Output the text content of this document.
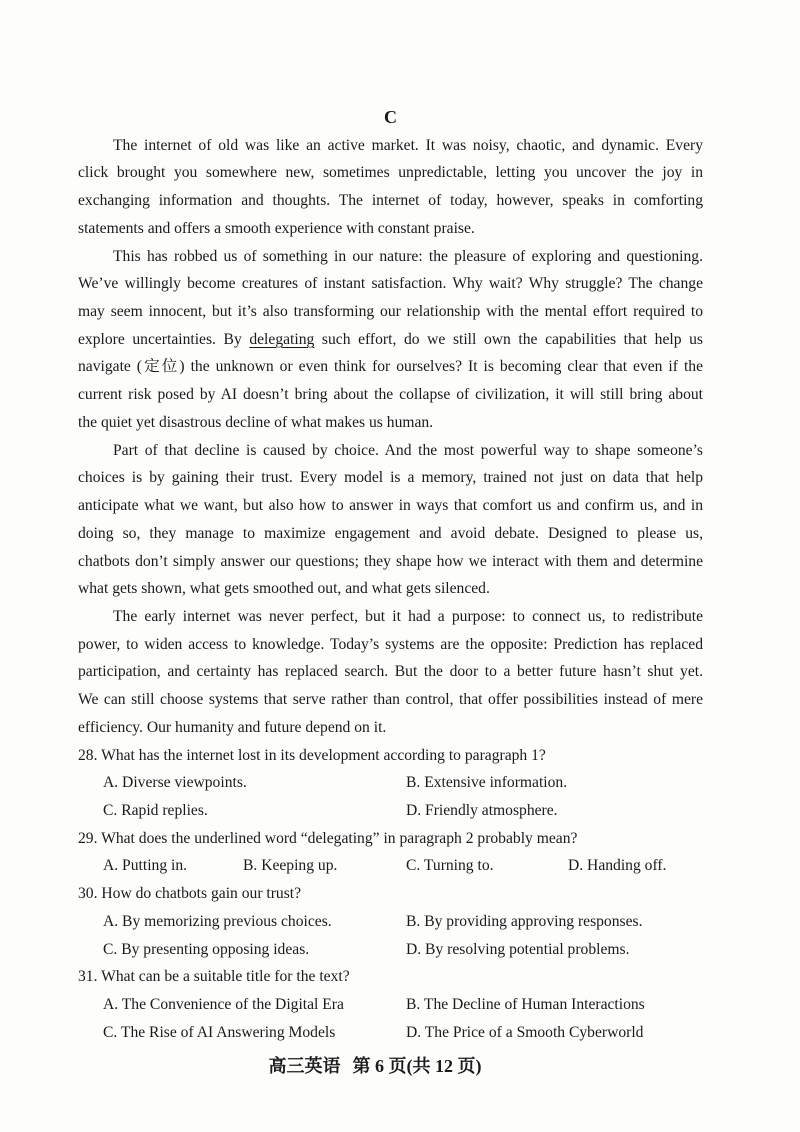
C
The internet of old was like an active market. It was noisy, chaotic, and dynamic. Every
click brought you somewhere new, sometimes unpredictable, letting you uncover the joy in
exchanging information and thoughts. The internet of today, however, speaks in comforting
statements and offers a smooth experience with constant praise.
This has robbed us of something in our nature: the pleasure of exploring and questioning.
We’ve willingly become creatures of instant satisfaction. Why wait? Why struggle? The change
may seem innocent, but it’s also transforming our relationship with the mental effort required to
explore uncertainties. By delegating such effort, do we still own the capabilities that help us
navigate (定位) the unknown or even think for ourselves? It is becoming clear that even if the
current risk posed by AI doesn’t bring about the collapse of civilization, it will still bring about
the quiet yet disastrous decline of what makes us human.
Part of that decline is caused by choice. And the most powerful way to shape someone’s
choices is by gaining their trust. Every model is a memory, trained not just on data that help
anticipate what we want, but also how to answer in ways that comfort us and confirm us, and in
doing so, they manage to maximize engagement and avoid debate. Designed to please us,
chatbots don’t simply answer our questions; they shape how we interact with them and determine
what gets shown, what gets smoothed out, and what gets silenced.
The early internet was never perfect, but it had a purpose: to connect us, to redistribute
power, to widen access to knowledge. Today’s systems are the opposite: Prediction has replaced
participation, and certainty has replaced search. But the door to a better future hasn’t shut yet.
We can still choose systems that serve rather than control, that offer possibilities instead of mere
efficiency. Our humanity and future depend on it.
28. What has the internet lost in its development according to paragraph 1?
A. Diverse viewpoints.	B. Extensive information.
C. Rapid replies.	D. Friendly atmosphere.
29. What does the underlined word “delegating” in paragraph 2 probably mean?
A. Putting in.	B. Keeping up.	C. Turning to.	D. Handing off.
30. How do chatbots gain our trust?
A. By memorizing previous choices.	B. By providing approving responses.
C. By presenting opposing ideas.	D. By resolving potential problems.
31. What can be a suitable title for the text?
A. The Convenience of the Digital Era	B. The Decline of Human Interactions
C. The Rise of AI Answering Models	D. The Price of a Smooth Cyberworld
高三英语 第 6 页(共 12 页)
